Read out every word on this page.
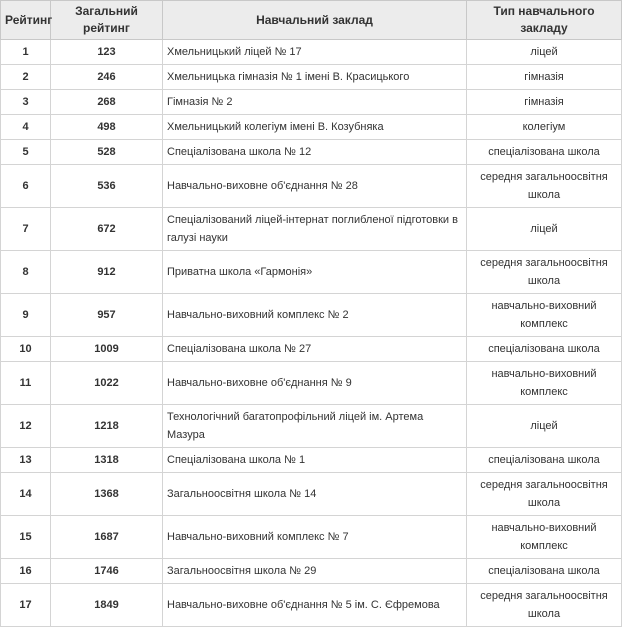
Рейтинг	Загальний рейтинг	Навчальний заклад	Тип навчального закладу
1	123	Хмельницький ліцей № 17	ліцей
2	246	Хмельницька гімназія № 1 імені В. Красицького	гімназія
3	268	Гімназія № 2	гімназія
4	498	Хмельницький колегіум імені В. Козубняка	колегіум
5	528	Спеціалізована школа № 12	спеціалізована школа
6	536	Навчально-виховне об'єднання № 28	середня загальноосвітня школа
7	672	Спеціалізований ліцей-інтернат поглибленої підготовки в галузі науки	ліцей
8	912	Приватна школа «Гармонія»	середня загальноосвітня школа
9	957	Навчально-виховний комплекс № 2	навчально-виховний комплекс
10	1009	Спеціалізована школа № 27	спеціалізована школа
11	1022	Навчально-виховне об'єднання № 9	навчально-виховний комплекс
12	1218	Технологічний багатопрофільний ліцей ім. Артема Мазура	ліцей
13	1318	Спеціалізована школа № 1	спеціалізована школа
14	1368	Загальноосвітня школа № 14	середня загальноосвітня школа
15	1687	Навчально-виховний комплекс № 7	навчально-виховний комплекс
16	1746	Загальноосвітня школа № 29	спеціалізована школа
17	1849	Навчально-виховне об'єднання № 5 ім. С. Єфремова	середня загальноосвітня школа
